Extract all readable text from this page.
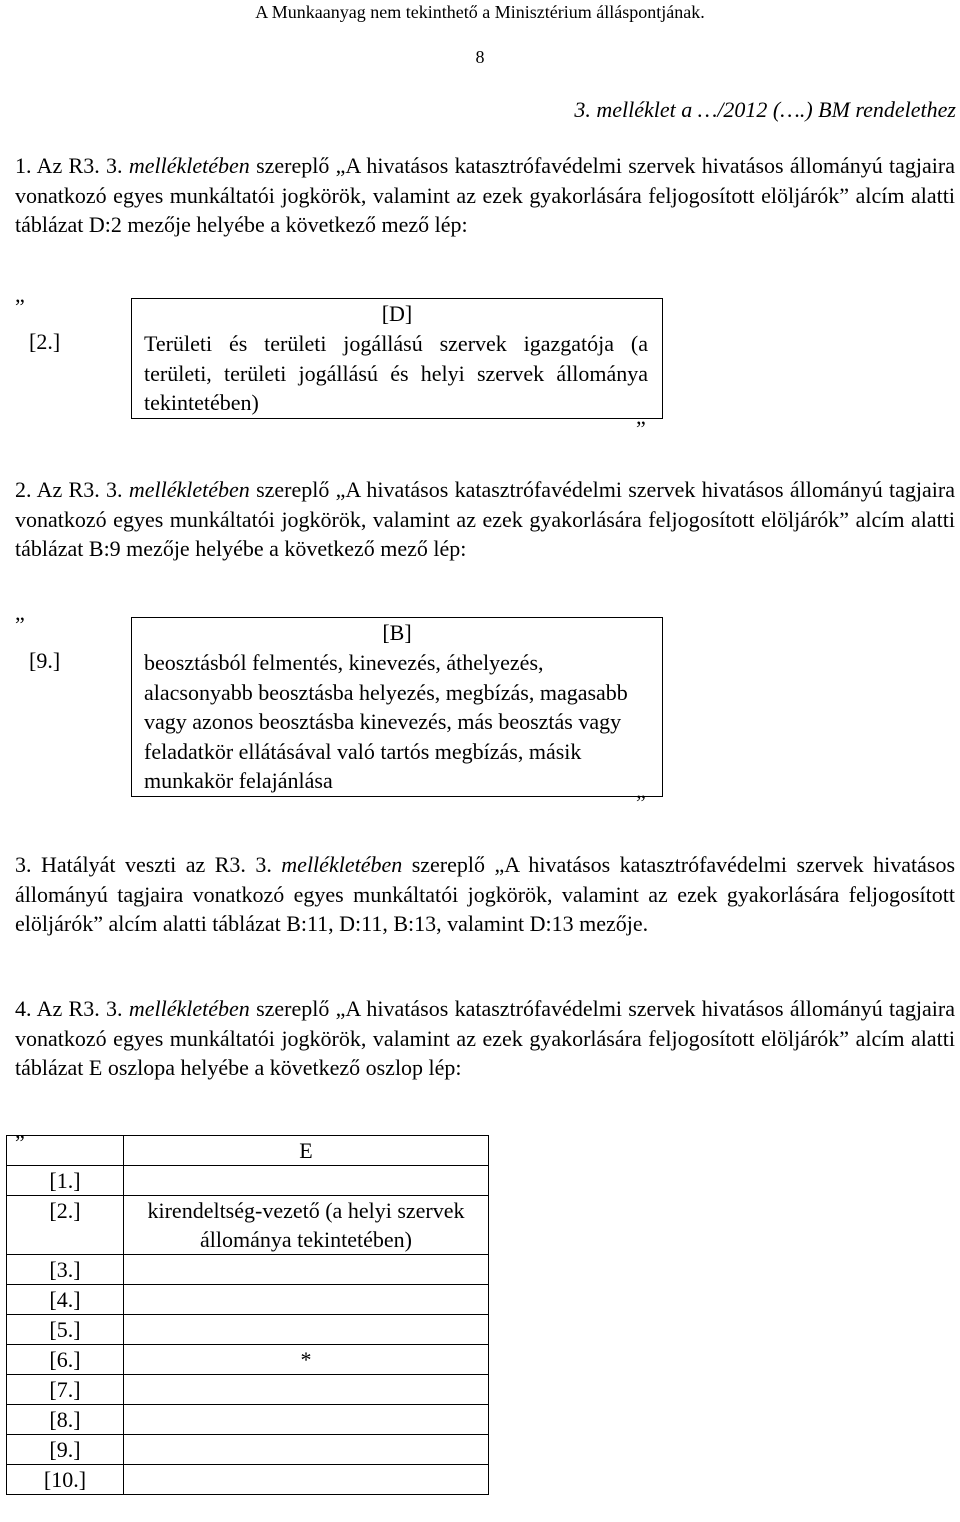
A Munkaanyag nem tekinthető a Minisztérium álláspontjának.
8
3. melléklet a …/2012 (….) BM rendelethez
1. Az R3. 3. mellékletében szereplő „A hivatásos katasztrófavédelmi szervek hivatásos állományú tagjaira vonatkozó egyes munkáltatói jogkörök, valamint az ezek gyakorlására feljogosított elöljárók” alcím alatti táblázat D:2 mezője helyébe a következő mező lép:
„
	[D]
[2.]	Területi és területi jogállású szervek igazgatója (a területi, területi jogállású és helyi szervek állománya tekintetében)
”
2. Az R3. 3. mellékletében szereplő „A hivatásos katasztrófavédelmi szervek hivatásos állományú tagjaira vonatkozó egyes munkáltatói jogkörök, valamint az ezek gyakorlására feljogosított elöljárók” alcím alatti táblázat B:9 mezője helyébe a következő mező lép:
„
	[B]
[9.]	beosztásból felmentés, kinevezés, áthelyezés, alacsonyabb beosztásba helyezés, megbízás, magasabb vagy azonos beosztásba kinevezés, más beosztás vagy feladatkör ellátásával való tartós megbízás, másik munkakör felajánlása
”
3. Hatályát veszti az R3. 3. mellékletében szereplő „A hivatásos katasztrófavédelmi szervek hivatásos állományú tagjaira vonatkozó egyes munkáltatói jogkörök, valamint az ezek gyakorlására feljogosított elöljárók” alcím alatti táblázat B:11, D:11, B:13, valamint D:13 mezője.
4. Az R3. 3. mellékletében szereplő „A hivatásos katasztrófavédelmi szervek hivatásos állományú tagjaira vonatkozó egyes munkáltatói jogkörök, valamint az ezek gyakorlására feljogosított elöljárók” alcím alatti táblázat E oszlopa helyébe a következő oszlop lép:
„
	E
[1.]	
[2.]	kirendeltség-vezető (a helyi szervek állománya tekintetében)
[3.]	
[4.]	
[5.]	
[6.]	*
[7.]	
[8.]	
[9.]	
[10.]	
